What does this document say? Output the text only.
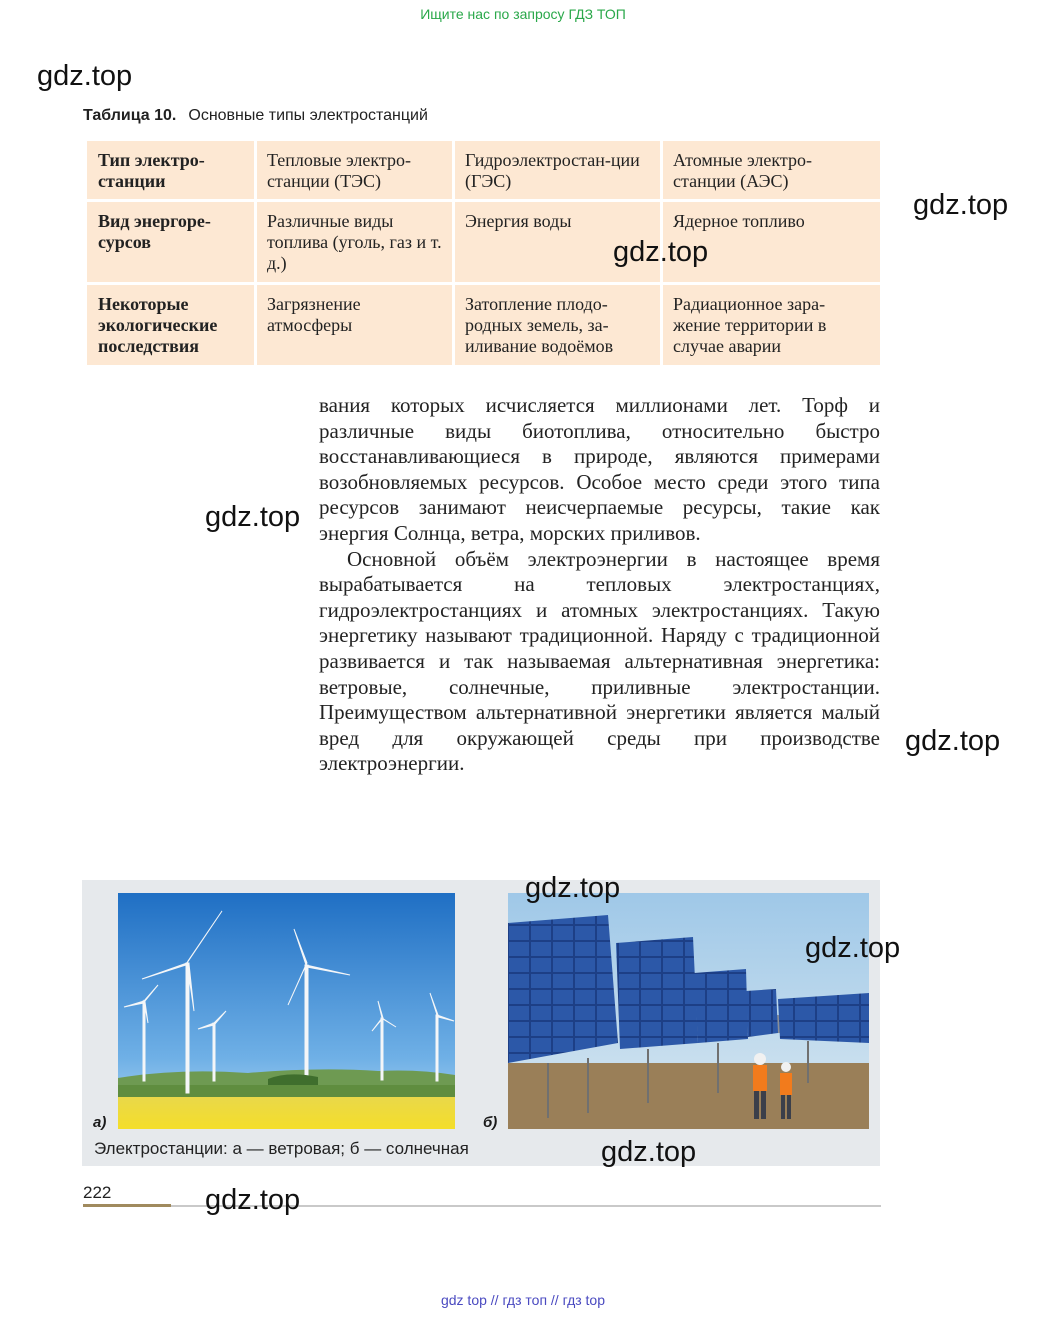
Ищите нас по запросу ГДЗ ТОП
gdz.top
gdz.top
Таблица 10. Основные типы электростанций
Тип электро-станции	Тепловые электро-станции (ТЭС)	Гидроэлектростан-ции (ГЭС)	Атомные электро-станции (АЭС)
Вид энергоре-сурсов	Различные виды топлива (уголь, газ и т. д.)	Энергия воды	Ядерное топливо
Некоторые экологические последствия	Загрязнение атмосферы	Затопление плодо-родных земель, за-иливание водоёмов	Радиационное зара-жение территории в случае аварии
gdz.top

вания которых исчисляется миллионами лет. Торф и различные виды биотоплива, относительно быстро восстанавливающиеся в природе, являются примерами возобновляемых ресурсов. Особое место среди этого типа ресурсов занимают неисчерпаемые ресурсы, такие как энергия Солнца, ветра, морских приливов.

Основной объём электроэнергии в настоящее время вырабатывается на тепловых электростанциях, гидроэлектростанциях и атомных электростанциях. Такую энергетику называют традиционной. Наряду с традиционной развивается и так называемая альтернативная энергетика: ветровые, солнечные, приливные электростанции. Преимуществом альтернативной энергетики является малый вред для окружающей среды при производстве электроэнергии.

gdz.top
gdz.top
а)	б)
Электростанции: а — ветровая; б — солнечная
gdz.top
gdz.top
gdz.top
222	gdz.top
gdz top // гдз топ // гдз top
